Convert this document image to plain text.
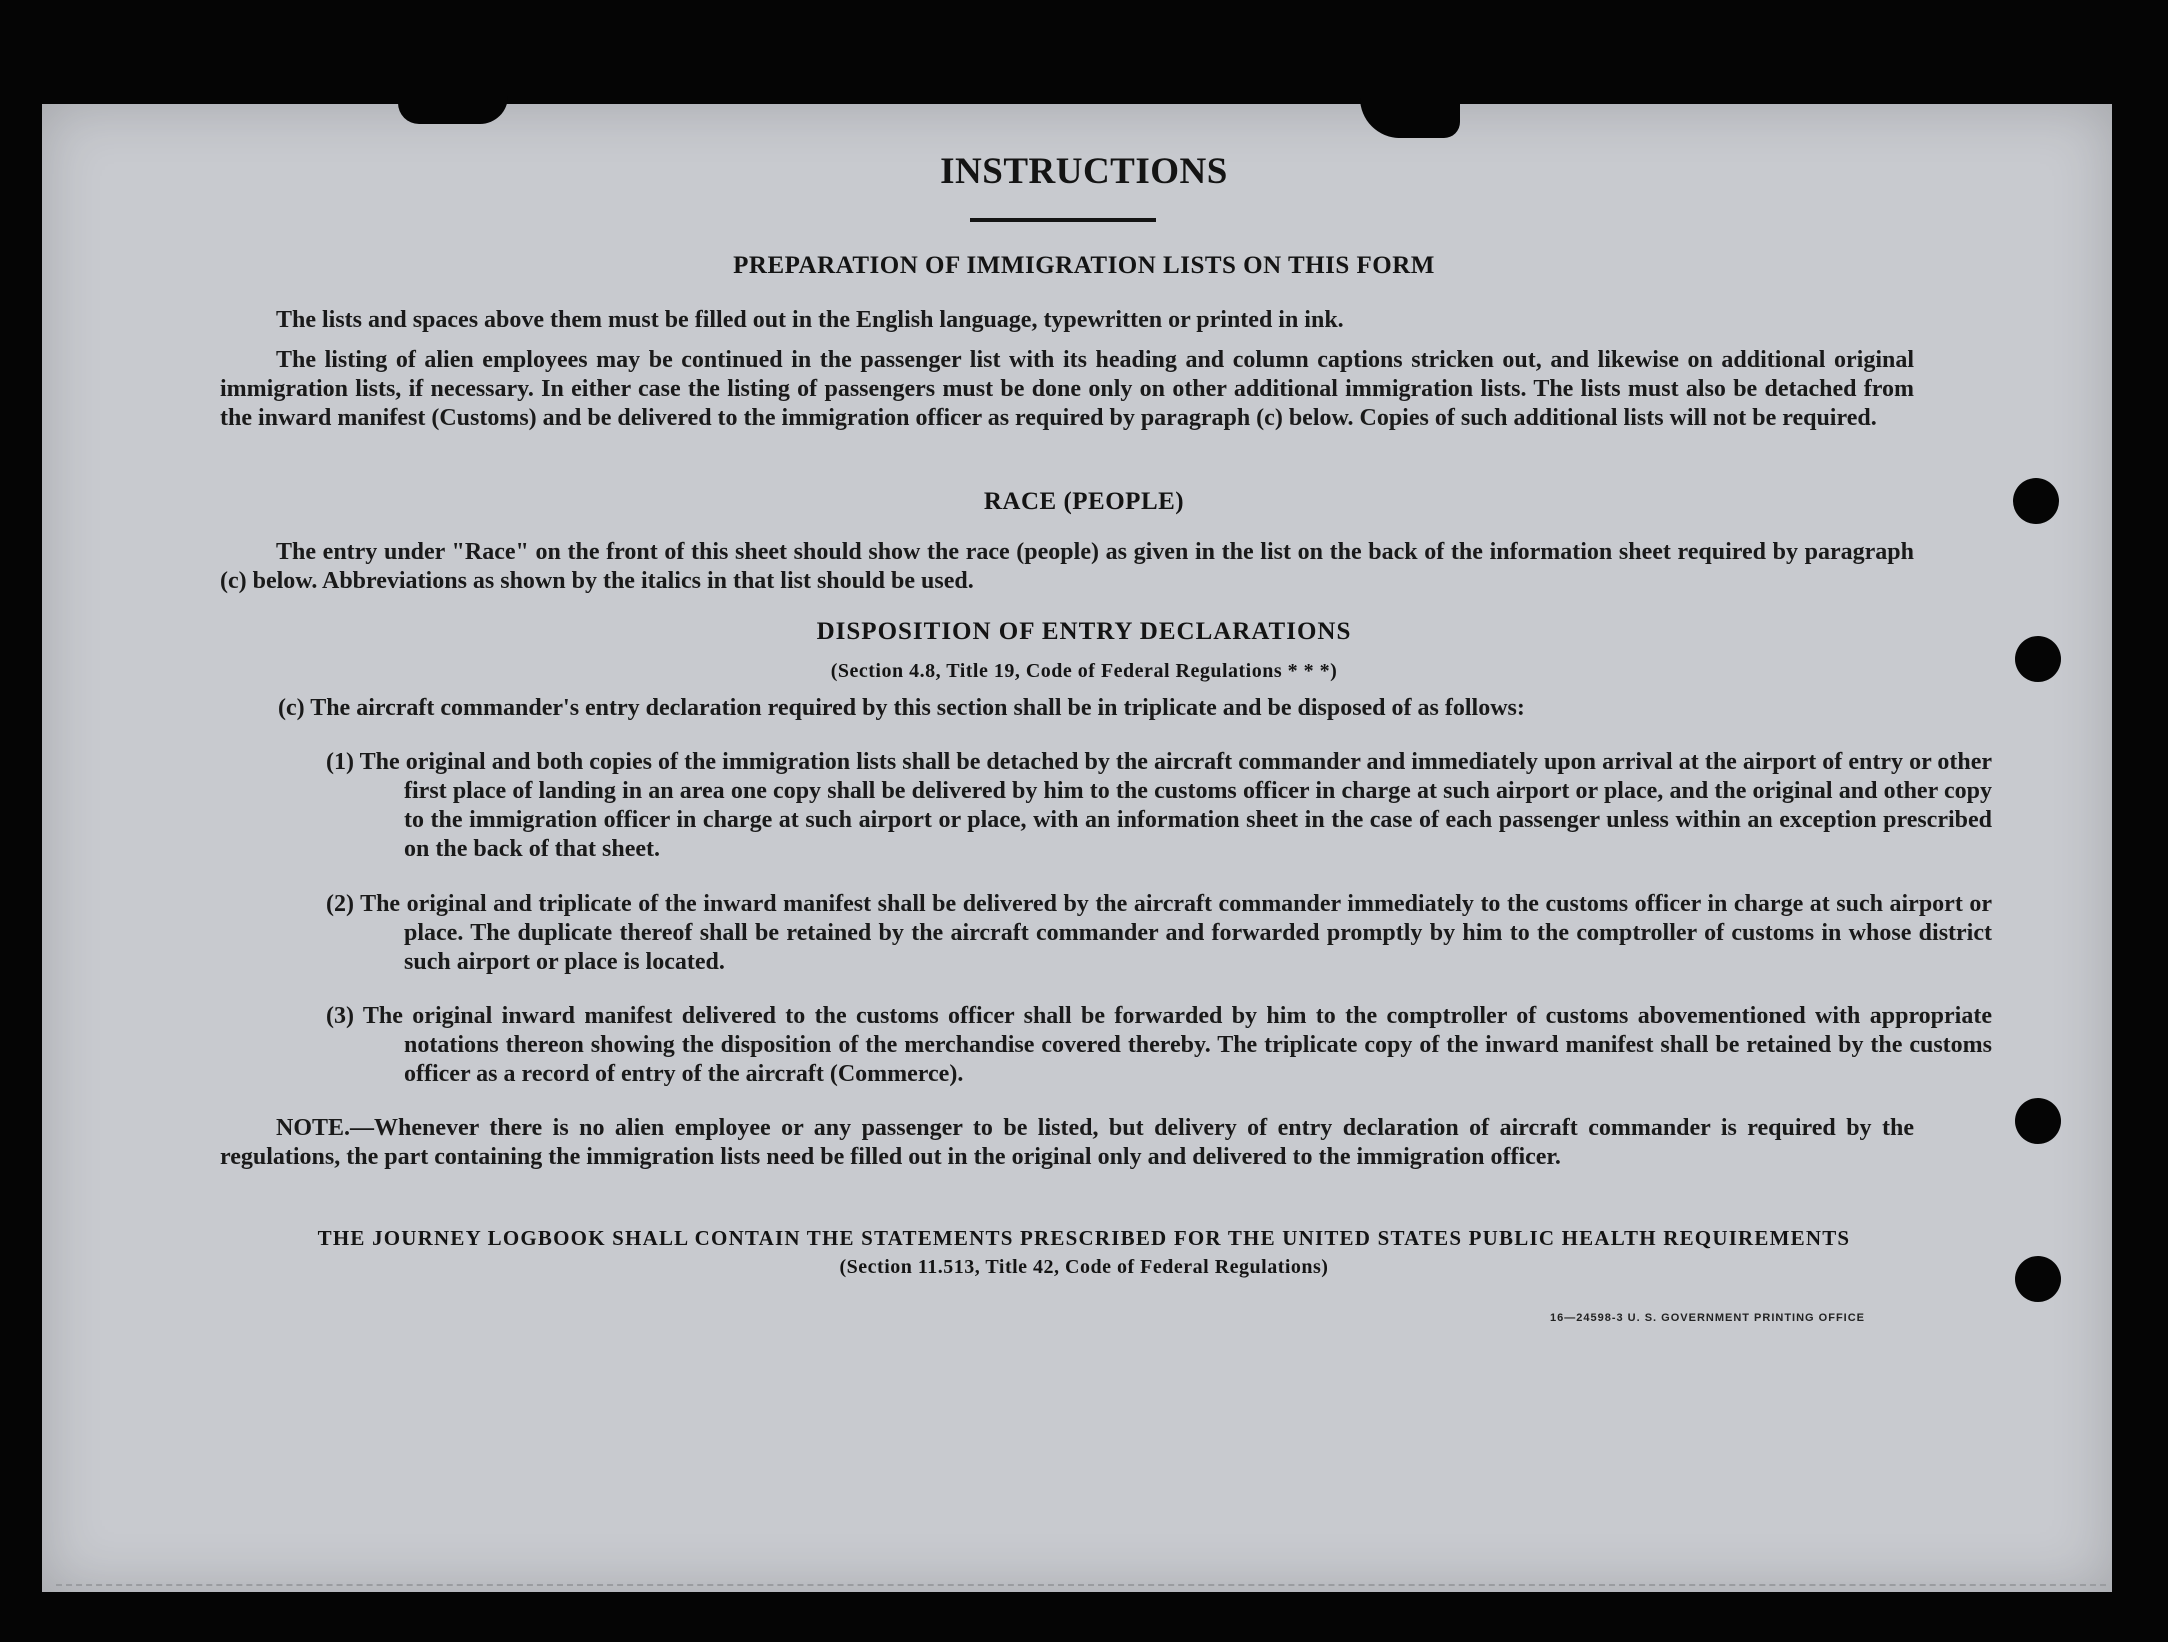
INSTRUCTIONS
PREPARATION OF IMMIGRATION LISTS ON THIS FORM
The lists and spaces above them must be filled out in the English language, typewritten or printed in ink.
The listing of alien employees may be continued in the passenger list with its heading and column captions stricken out, and likewise on additional original immigration lists, if necessary. In either case the listing of passengers must be done only on other additional immigration lists. The lists must also be detached from the inward manifest (Customs) and be delivered to the immigration officer as required by paragraph (c) below. Copies of such additional lists will not be required.
RACE (PEOPLE)
The entry under "Race" on the front of this sheet should show the race (people) as given in the list on the back of the information sheet required by paragraph (c) below. Abbreviations as shown by the italics in that list should be used.
DISPOSITION OF ENTRY DECLARATIONS
(Section 4.8, Title 19, Code of Federal Regulations * * *)
(c) The aircraft commander's entry declaration required by this section shall be in triplicate and be disposed of as follows:
(1) The original and both copies of the immigration lists shall be detached by the aircraft commander and immediately upon arrival at the airport of entry or other first place of landing in an area one copy shall be delivered by him to the customs officer in charge at such airport or place, and the original and other copy to the immigration officer in charge at such airport or place, with an information sheet in the case of each passenger unless within an exception prescribed on the back of that sheet.
(2) The original and triplicate of the inward manifest shall be delivered by the aircraft commander immediately to the customs officer in charge at such airport or place. The duplicate thereof shall be retained by the aircraft commander and forwarded promptly by him to the comptroller of customs in whose district such airport or place is located.
(3) The original inward manifest delivered to the customs officer shall be forwarded by him to the comptroller of customs abovementioned with appropriate notations thereon showing the disposition of the merchandise covered thereby. The triplicate copy of the inward manifest shall be retained by the customs officer as a record of entry of the aircraft (Commerce).
NOTE.—Whenever there is no alien employee or any passenger to be listed, but delivery of entry declaration of aircraft commander is required by the regulations, the part containing the immigration lists need be filled out in the original only and delivered to the immigration officer.
THE JOURNEY LOGBOOK SHALL CONTAIN THE STATEMENTS PRESCRIBED FOR THE UNITED STATES PUBLIC HEALTH REQUIREMENTS
(Section 11.513, Title 42, Code of Federal Regulations)
16—24598-3 U. S. GOVERNMENT PRINTING OFFICE
